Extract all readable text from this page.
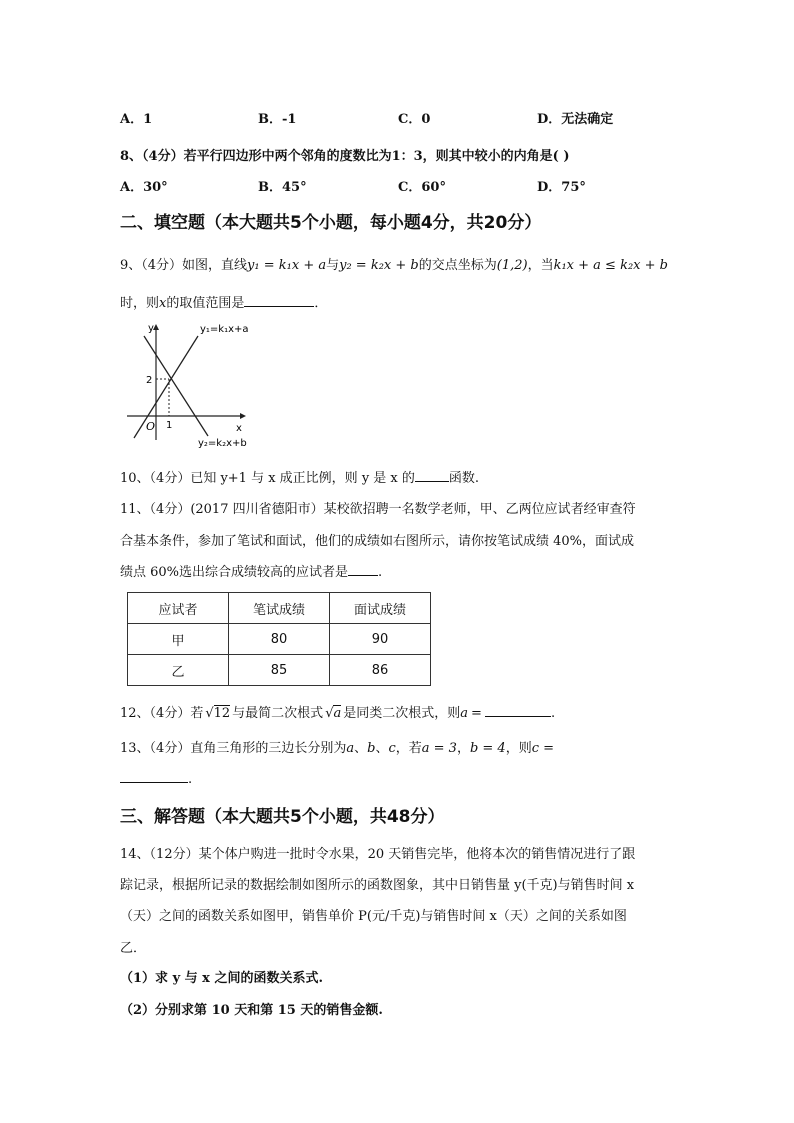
A．1	B．-1	C．0	D．无法确定
8、（4分）若平行四边形中两个邻角的度数比为1：3，则其中较小的内角是( )
A．30°	B．45°	C．60°	D．75°
二、填空题（本大题共5个小题，每小题4分，共20分）
9、（4分）如图，直线y₁ = k₁x + a与y₂ = k₂x + b的交点坐标为(1,2)，当k₁x + a ≤ k₂x + b
时，则x的取值范围是	．
y
x
O 1
2
y₁=k₁x+a
y₂=k₂x+b
10、（4分）已知 y+1 与 x 成正比例，则 y 是 x 的	函数.
11、（4分）(2017 四川省德阳市）某校欲招聘一名数学老师，甲、乙两位应试者经审查符
合基本条件，参加了笔试和面试，他们的成绩如右图所示，请你按笔试成绩 40%，面试成
绩点 60%选出综合成绩较高的应试者是 .
应试者	笔试成绩	面试成绩
甲	80	90
乙	85	86
12、（4分）若 √12 与最简二次根式 √a 是同类二次根式，则a =	.
13、（4分）直角三角形的三边长分别为a、b、c，若a = 3，b = 4，则c =
.
三、解答题（本大题共5个小题，共48分）
14、（12分）某个体户购进一批时令水果，20 天销售完毕，他将本次的销售情况进行了跟
踪记录，根据所记录的数据绘制如图所示的函数图象，其中日销售量 y(千克)与销售时间 x
（天）之间的函数关系如图甲，销售单价 P(元/千克)与销售时间 x（天）之间的关系如图
乙．
（1）求 y 与 x 之间的函数关系式.
（2）分别求第 10 天和第 15 天的销售金额.
